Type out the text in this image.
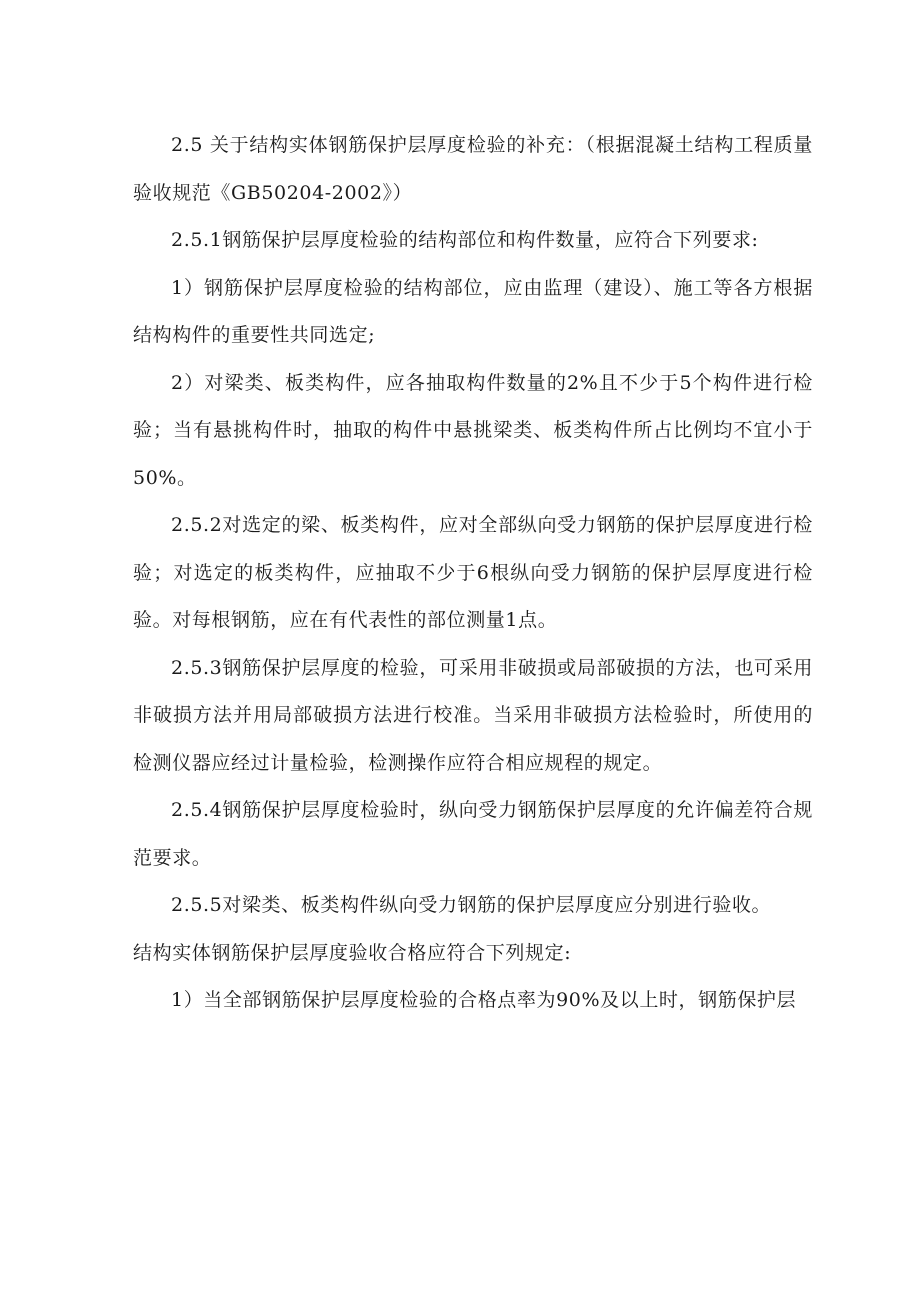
2.5 关于结构实体钢筋保护层厚度检验的补充：（根据混凝土结构工程质量验收规范《GB50204-2002》）

2.5.1钢筋保护层厚度检验的结构部位和构件数量，应符合下列要求:

1）钢筋保护层厚度检验的结构部位，应由监理（建设）、施工等各方根据结构构件的重要性共同选定;

2）对梁类、板类构件，应各抽取构件数量的2%且不少于5个构件进行检验；当有悬挑构件时，抽取的构件中悬挑梁类、板类构件所占比例均不宜小于50%。

2.5.2对选定的梁、板类构件，应对全部纵向受力钢筋的保护层厚度进行检验；对选定的板类构件，应抽取不少于6根纵向受力钢筋的保护层厚度进行检验。对每根钢筋，应在有代表性的部位测量1点。

2.5.3钢筋保护层厚度的检验，可采用非破损或局部破损的方法，也可采用非破损方法并用局部破损方法进行校准。当采用非破损方法检验时，所使用的检测仪器应经过计量检验，检测操作应符合相应规程的规定。

2.5.4钢筋保护层厚度检验时，纵向受力钢筋保护层厚度的允许偏差符合规范要求。

2.5.5对梁类、板类构件纵向受力钢筋的保护层厚度应分别进行验收。

结构实体钢筋保护层厚度验收合格应符合下列规定:

1）当全部钢筋保护层厚度检验的合格点率为90%及以上时，钢筋保护层
